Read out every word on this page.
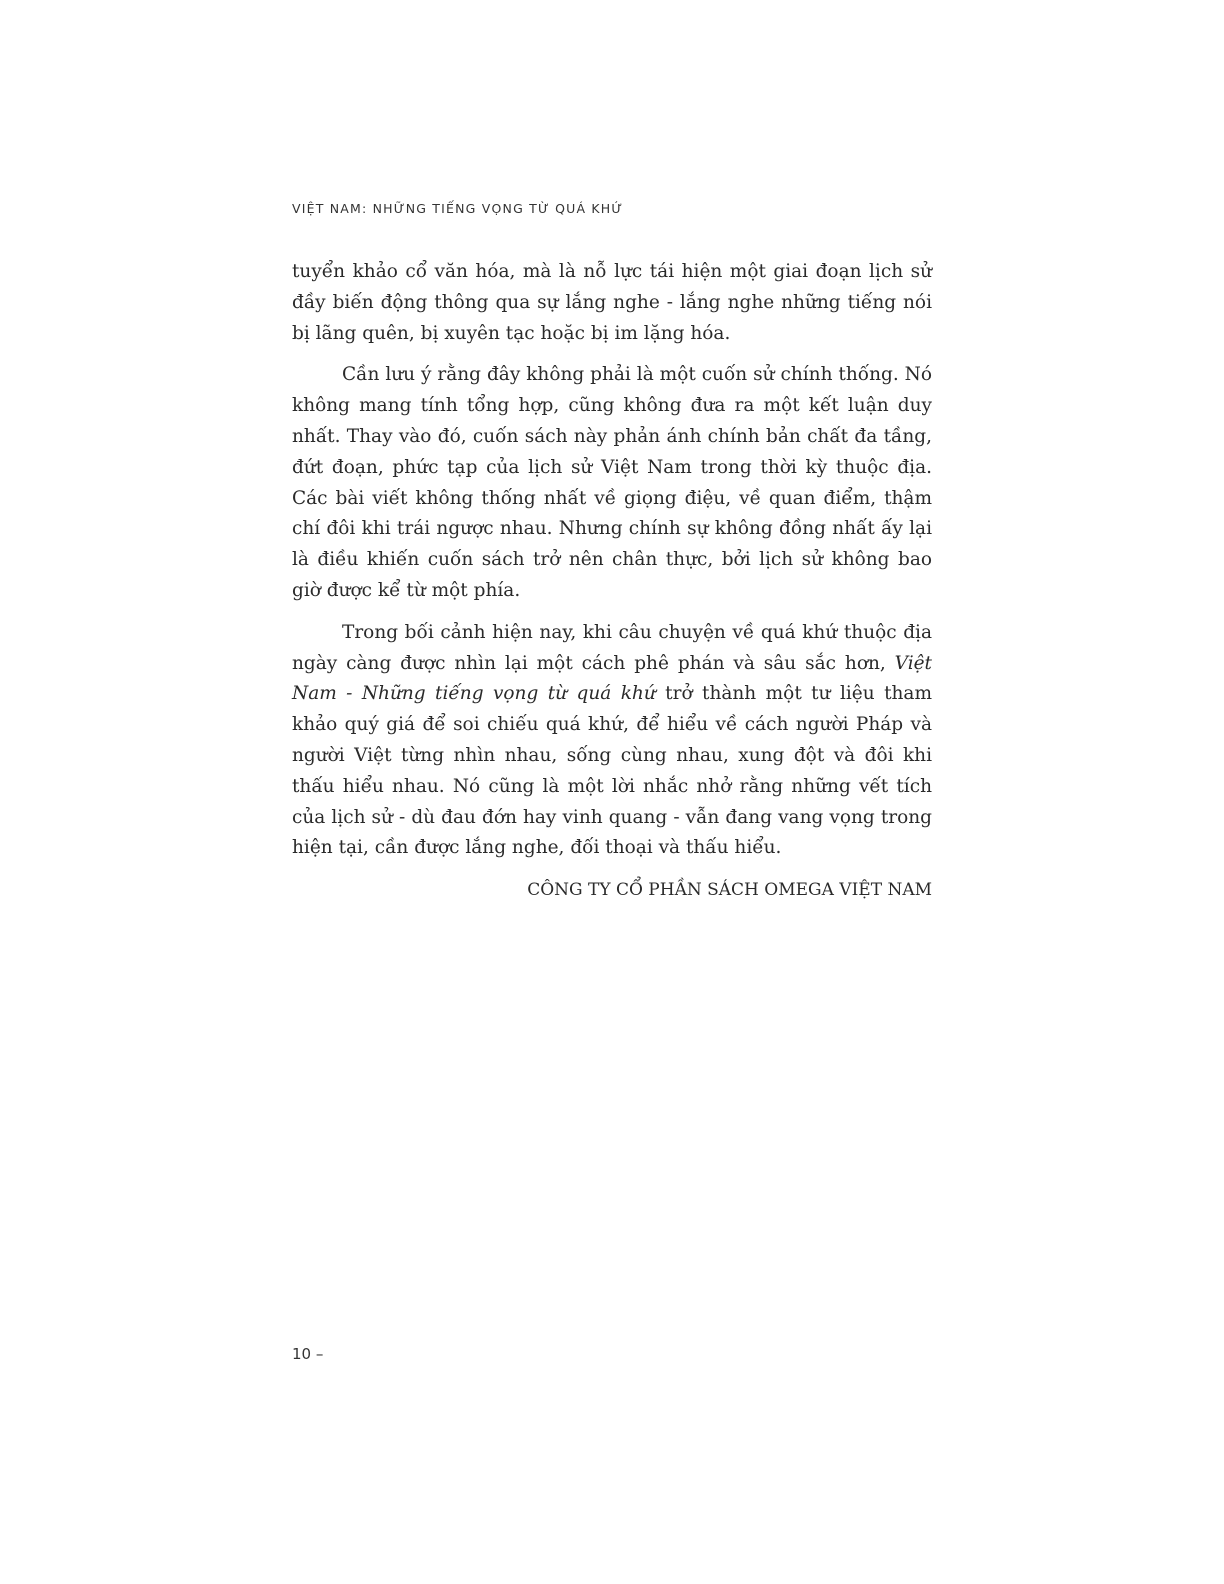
VIỆT NAM: NHỮNG TIẾNG VỌNG TỪ QUÁ KHỨ

tuyển khảo cổ văn hóa, mà là nỗ lực tái hiện một giai đoạn lịch sử đầy biến động thông qua sự lắng nghe - lắng nghe những tiếng nói bị lãng quên, bị xuyên tạc hoặc bị im lặng hóa.

Cần lưu ý rằng đây không phải là một cuốn sử chính thống. Nó không mang tính tổng hợp, cũng không đưa ra một kết luận duy nhất. Thay vào đó, cuốn sách này phản ánh chính bản chất đa tầng, đứt đoạn, phức tạp của lịch sử Việt Nam trong thời kỳ thuộc địa. Các bài viết không thống nhất về giọng điệu, về quan điểm, thậm chí đôi khi trái ngược nhau. Nhưng chính sự không đồng nhất ấy lại là điều khiến cuốn sách trở nên chân thực, bởi lịch sử không bao giờ được kể từ một phía.

Trong bối cảnh hiện nay, khi câu chuyện về quá khứ thuộc địa ngày càng được nhìn lại một cách phê phán và sâu sắc hơn, Việt Nam - Những tiếng vọng từ quá khứ trở thành một tư liệu tham khảo quý giá để soi chiếu quá khứ, để hiểu về cách người Pháp và người Việt từng nhìn nhau, sống cùng nhau, xung đột và đôi khi thấu hiểu nhau. Nó cũng là một lời nhắc nhở rằng những vết tích của lịch sử - dù đau đớn hay vinh quang - vẫn đang vang vọng trong hiện tại, cần được lắng nghe, đối thoại và thấu hiểu.

CÔNG TY CỔ PHẦN SÁCH OMEGA VIỆT NAM
10 –
